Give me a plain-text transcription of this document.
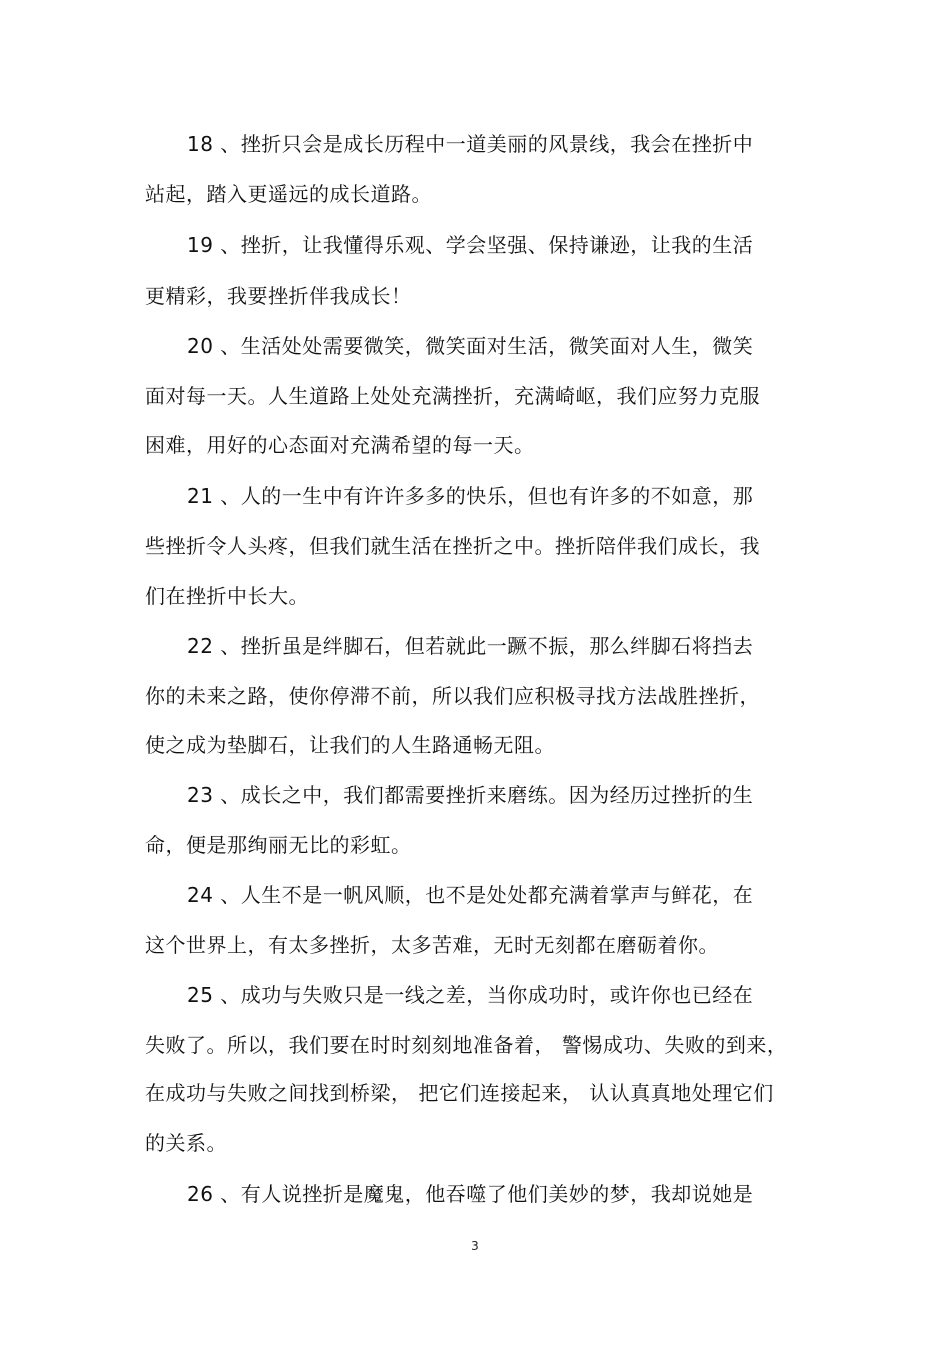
18 、挫折只会是成长历程中一道美丽的风景线，我会在挫折中
站起，踏入更遥远的成长道路。
19 、挫折，让我懂得乐观、学会坚强、保持谦逊，让我的生活
更精彩，我要挫折伴我成长！
20 、生活处处需要微笑，微笑面对生活，微笑面对人生，微笑
面对每一天。人生道路上处处充满挫折，充满崎岖，我们应努力克服
困难，用好的心态面对充满希望的每一天。
21 、人的一生中有许许多多的快乐，但也有许多的不如意，那
些挫折令人头疼，但我们就生活在挫折之中。挫折陪伴我们成长，我
们在挫折中长大。
22 、挫折虽是绊脚石，但若就此一蹶不振，那么绊脚石将挡去
你的未来之路，使你停滞不前，所以我们应积极寻找方法战胜挫折，
使之成为垫脚石，让我们的人生路通畅无阻。
23 、成长之中，我们都需要挫折来磨练。因为经历过挫折的生
命，便是那绚丽无比的彩虹。
24 、人生不是一帆风顺，也不是处处都充满着掌声与鲜花，在
这个世界上，有太多挫折，太多苦难，无时无刻都在磨砺着你。
25 、成功与失败只是一线之差，当你成功时，或许你也已经在
失败了。所以，我们要在时时刻刻地准备着， 警惕成功、失败的到来，
在成功与失败之间找到桥梁， 把它们连接起来， 认认真真地处理它们
的关系。
26 、有人说挫折是魔鬼，他吞噬了他们美妙的梦，我却说她是
3
